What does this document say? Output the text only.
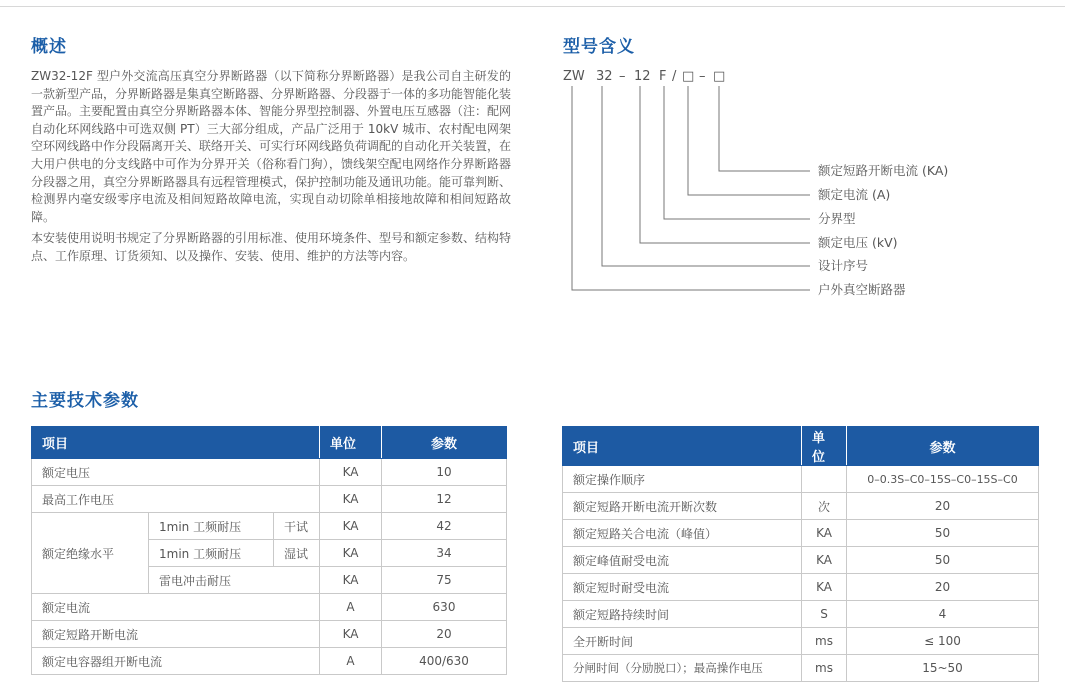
概述

ZW32-12F 型户外交流高压真空分界断路器（以下简称分界断路器）是我公司自主研发的一款新型产品，分界断路器是集真空断路器、分界断路器、分段器于一体的多功能智能化装置产品。主要配置由真空分界断路器本体、智能分界型控制器、外置电压互感器（注：配网自动化环网线路中可选双侧 PT）三大部分组成，产品广泛用于 10kV 城市、农村配电网架空环网线路中作分段隔离开关、联络开关、可实行环网线路负荷调配的自动化开关装置，在大用户供电的分支线路中可作为分界开关（俗称看门狗），馈线架空配电网络作分界断路器分段器之用，真空分界断路器具有远程管理模式，保护控制功能及通讯功能。能可靠判断、检测界内毫安级零序电流及相间短路故障电流，实现自动切除单相接地故障和相间短路故障。

本安装使用说明书规定了分界断路器的引用标准、使用环境条件、型号和额定参数、结构特点、工作原理、订货须知、以及操作、安装、使用、维护的方法等内容。

型号含义
ZW 32 – 12 F / □ – □
额定短路开断电流 (KA)
额定电流 (A)
分界型
额定电压 (kV)
设计序号
户外真空断路器
主要技术参数
项目			单位	参数
额定电压			KA	10
最高工作电压			KA	12
额定绝缘水平	1min 工频耐压	干试	KA	42
	1min 工频耐压	湿试	KA	34
	雷电冲击耐压		KA	75
额定电流			A	630
额定短路开断电流			KA	20
额定电容器组开断电流			A	400/630
项目	单位	参数
额定操作顺序		0–0.3S–C0–15S–C0–15S–C0
额定短路开断电流开断次数	次	20
额定短路关合电流（峰值）	KA	50
额定峰值耐受电流	KA	50
额定短时耐受电流	KA	20
额定短路持续时间	S	4
全开断时间	ms	≤ 100
分闸时间（分励脱口）；最高操作电压	ms	15~50
